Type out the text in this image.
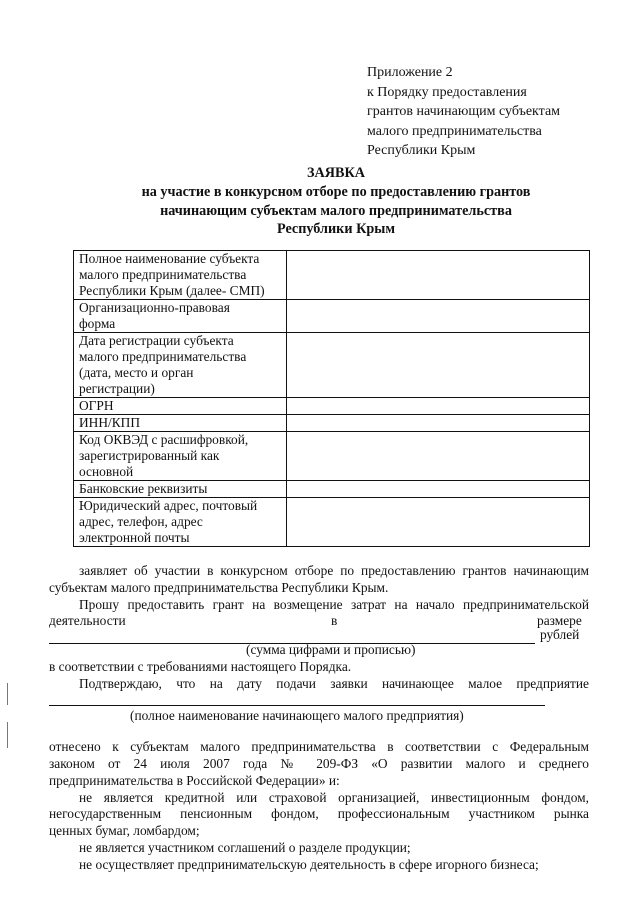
Приложение 2
к Порядку предоставления
грантов начинающим субъектам
малого предпринимательства
Республики Крым
ЗАЯВКА
на участие в конкурсном отборе по предоставлению грантов
начинающим субъектам малого предпринимательства
Республики Крым
Полное наименование субъекта
малого предпринимательства
Республики Крым (далее- СМП)	

Организационно-правовая
форма	

Дата регистрации субъекта
малого предпринимательства
(дата, место и орган
регистрации)	

ОГРН	

ИНН/КПП	

Код ОКВЭД с расшифровкой,
зарегистрированный как
основной	

Банковские реквизиты	

Юридический адрес, почтовый
адрес, телефон, адрес
электронной почты	

заявляет об участии в конкурсном отборе по предоставлению грантов начинающим
субъектам малого предпринимательства Республики Крым.
Прошу предоставить грант на возмещение затрат на начало предпринимательской
деятельности	в	размере
рублей
(сумма цифрами и прописью)
в соответствии с требованиями настоящего Порядка.
Подтверждаю, что на дату подачи заявки начинающее малое предприятие
(полное наименование начинающего малого предприятия)
отнесено к субъектам малого предпринимательства в соответствии с Федеральным
законом от 24 июля 2007 года № 209-ФЗ «О развитии малого и среднего
предпринимательства в Российской Федерации» и:
не является кредитной или страховой организацией, инвестиционным фондом,
негосударственным пенсионным фондом, профессиональным участником рынка
ценных бумаг, ломбардом;
не является участником соглашений о разделе продукции;
не осуществляет предпринимательскую деятельность в сфере игорного бизнеса;
